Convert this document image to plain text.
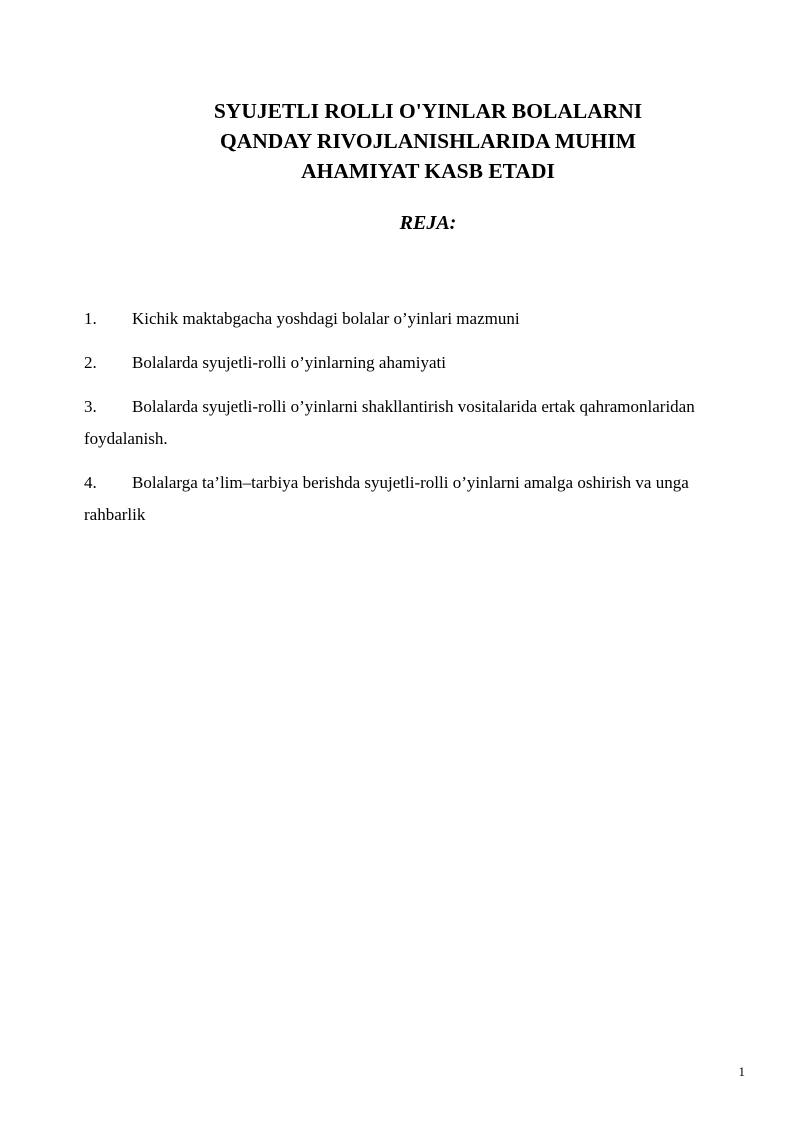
SYUJETLI ROLLI O'YINLAR BOLALARNI
QANDAY RIVOJLANISHLARIDA MUHIM
AHAMIYAT KASB ETADI
REJA:
1. Kichik maktabgacha yoshdagi bolalar o’yinlari mazmuni
2. Bolalarda syujetli-rolli o’yinlarning ahamiyati
3. Bolalarda syujetli-rolli o’yinlarni shakllantirish vositalarida ertak qahramonlaridan foydalanish.
4. Bolalarga ta’lim–tarbiya berishda syujetli-rolli o’yinlarni amalga oshirish va unga rahbarlik
1
